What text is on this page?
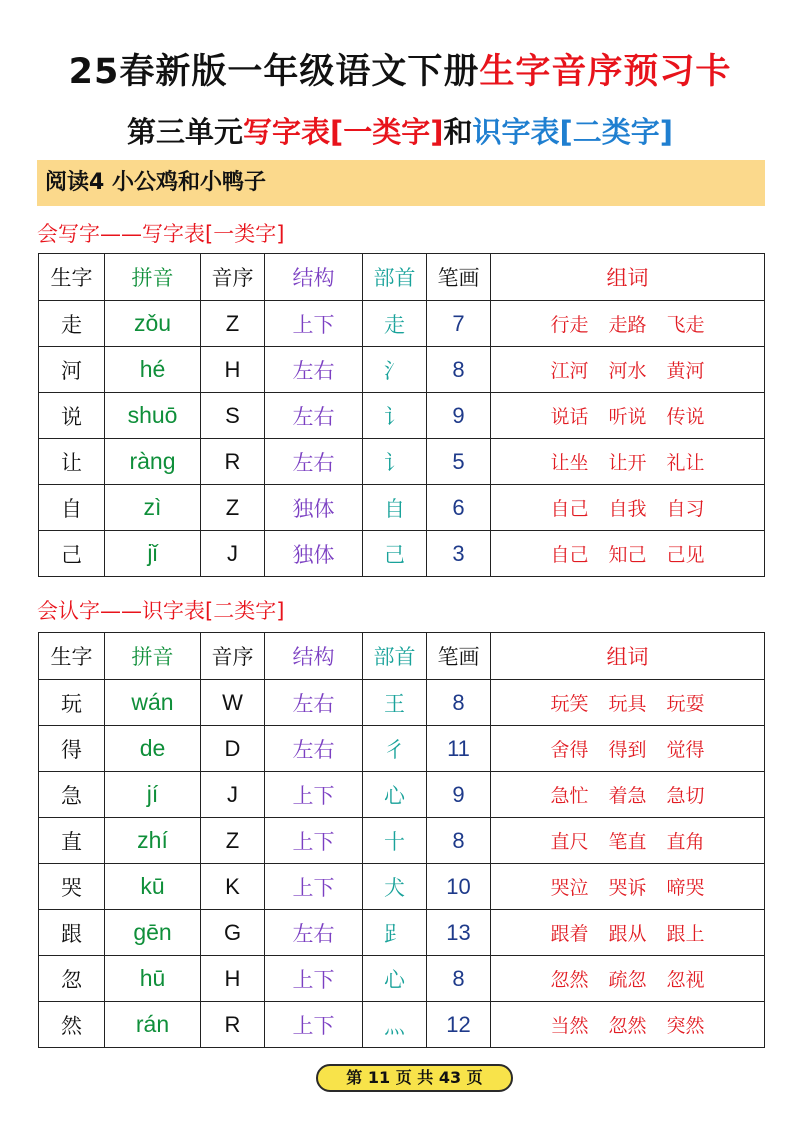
25春新版一年级语文下册生字音序预习卡
第三单元写字表[一类字]和识字表[二类字]
阅读4 小公鸡和小鸭子
会写字——写字表[一类字]
生字	拼音	音序	结构	部首	笔画	组词
走	zǒu	Z	上下	走	7	行走 走路 飞走
河	hé	H	左右	氵	8	江河 河水 黄河
说	shuō	S	左右	讠	9	说话 听说 传说
让	ràng	R	左右	讠	5	让坐 让开 礼让
自	zì	Z	独体	自	6	自己 自我 自习
己	jǐ	J	独体	己	3	自己 知己 己见
会认字——识字表[二类字]
生字	拼音	音序	结构	部首	笔画	组词
玩	wán	W	左右	王	8	玩笑 玩具 玩耍
得	de	D	左右	彳	11	舍得 得到 觉得
急	jí	J	上下	心	9	急忙 着急 急切
直	zhí	Z	上下	十	8	直尺 笔直 直角
哭	kū	K	上下	犬	10	哭泣 哭诉 啼哭
跟	gēn	G	左右	𧾷	13	跟着 跟从 跟上
忽	hū	H	上下	心	8	忽然 疏忽 忽视
然	rán	R	上下	灬	12	当然 忽然 突然
第 11 页 共 43 页
